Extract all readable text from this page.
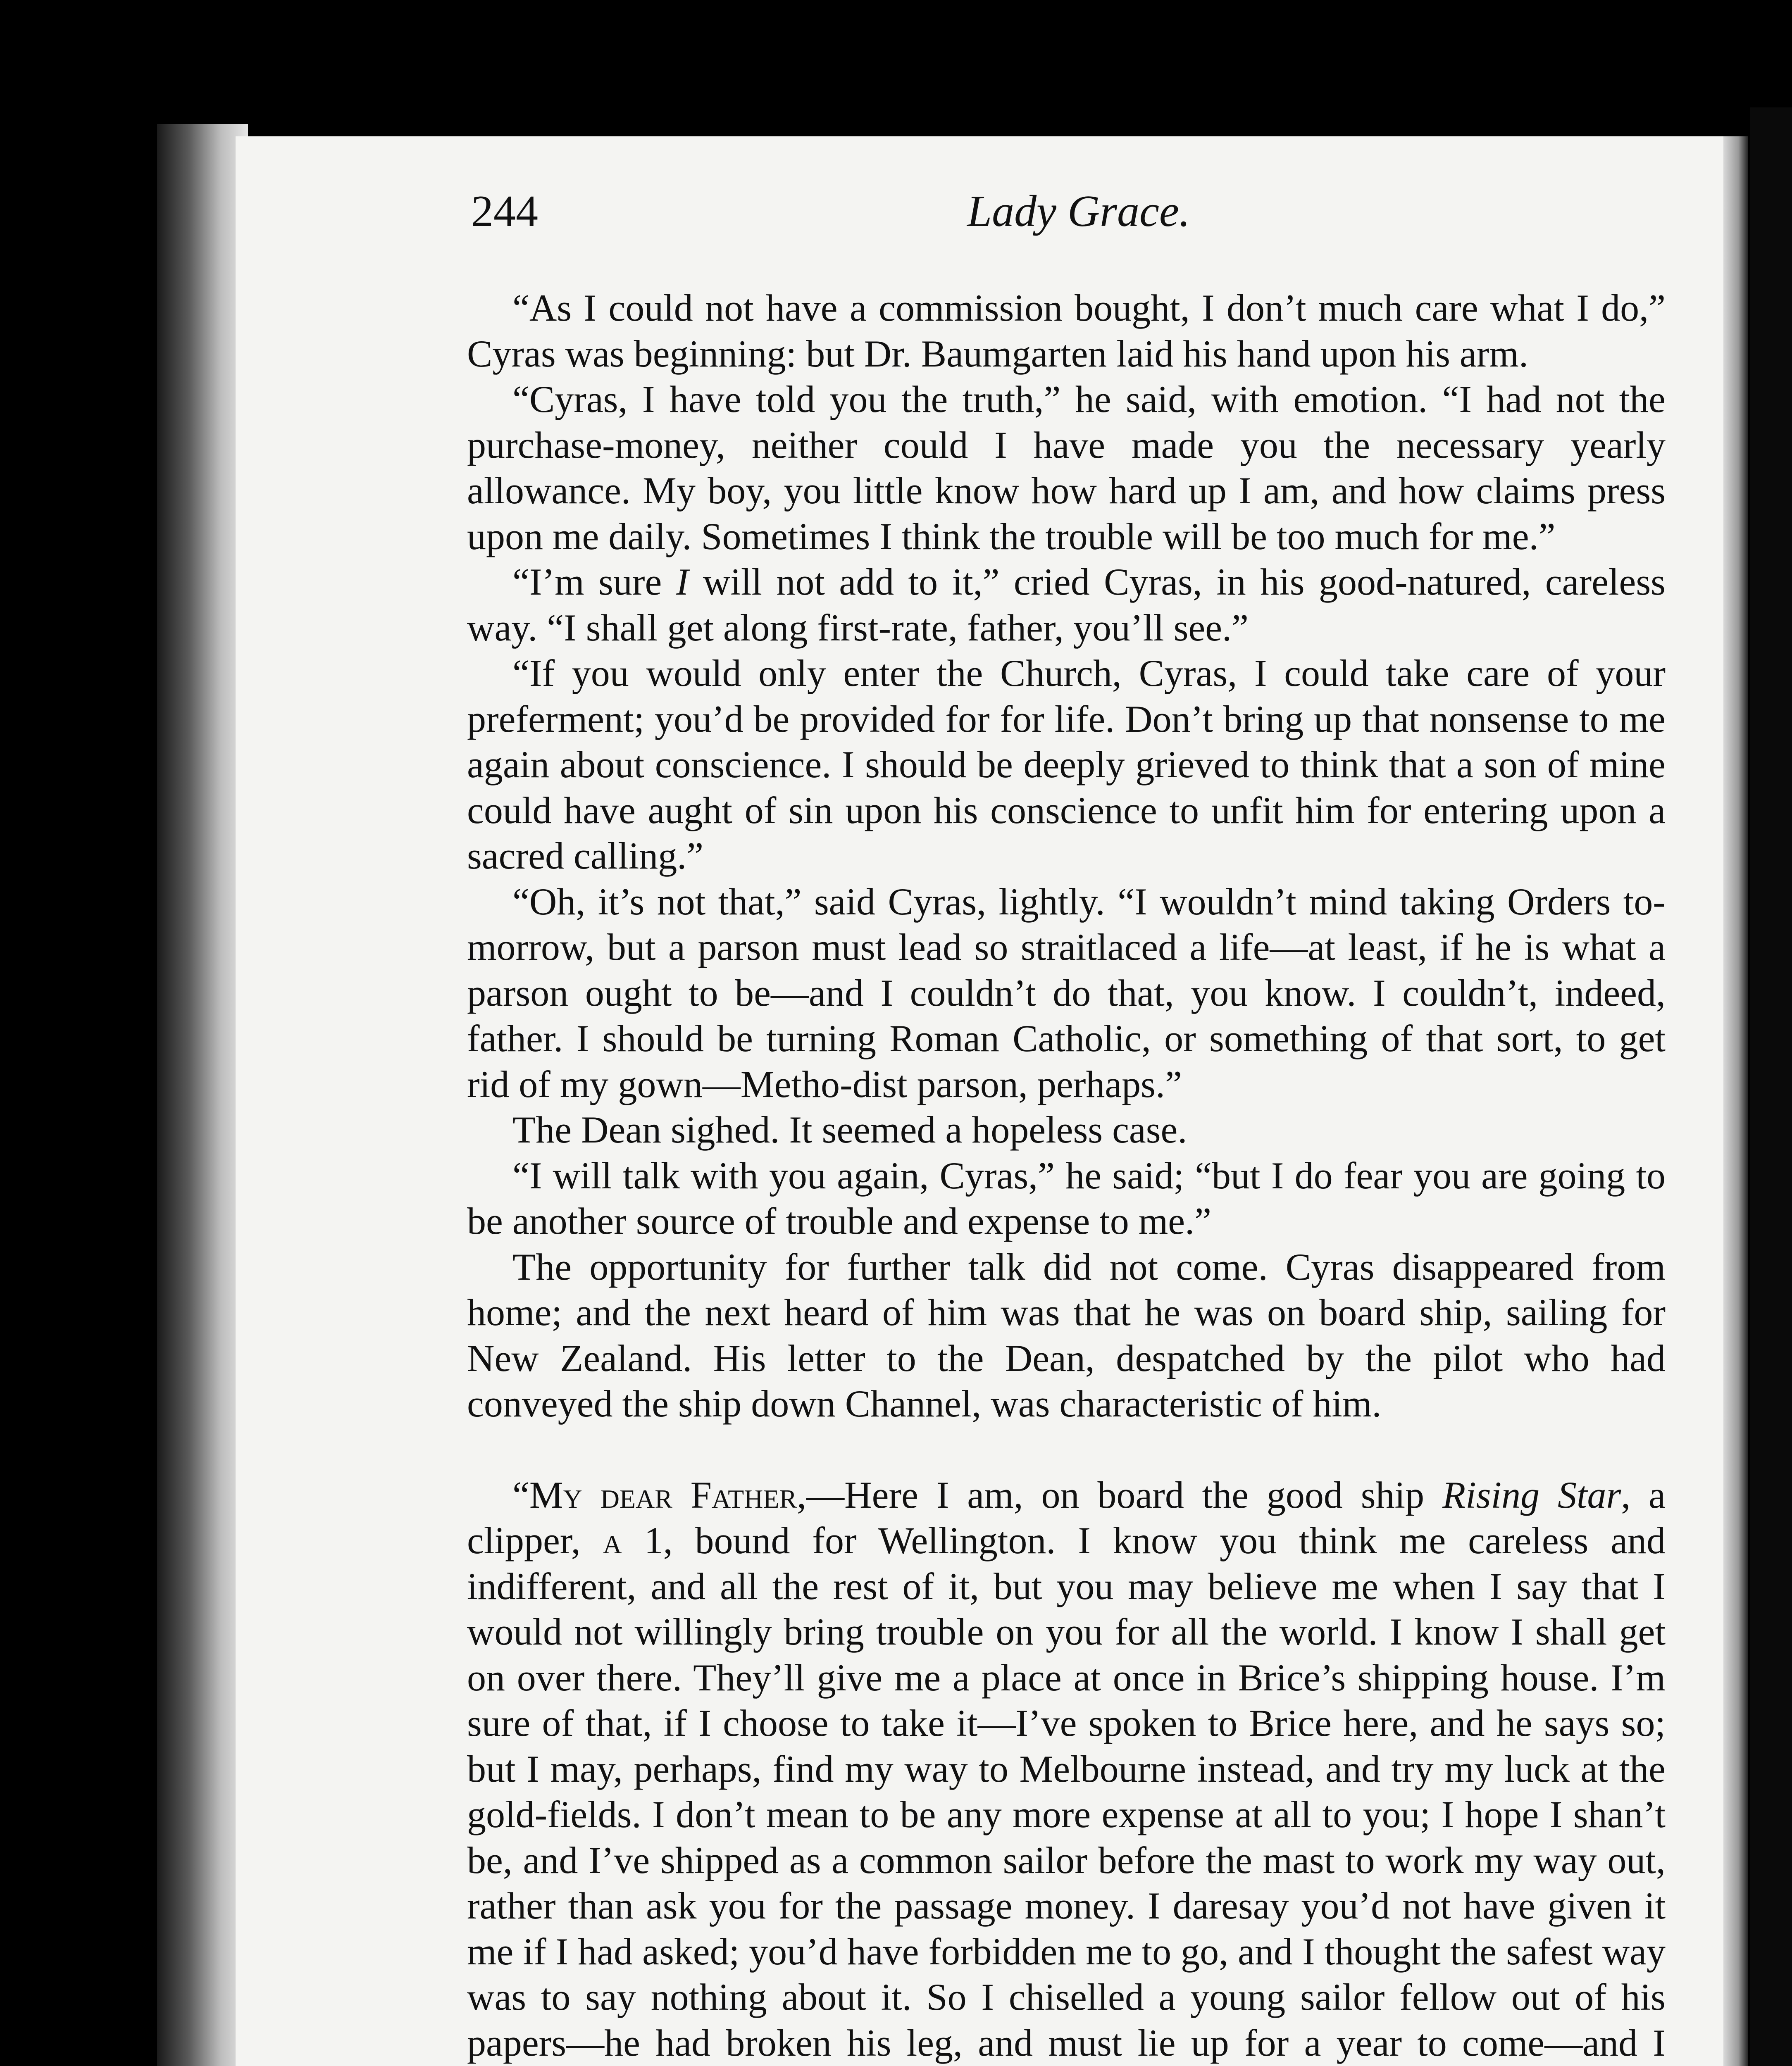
244	Lady Grace.

“As I could not have a commission bought, I don’t much care what I do,” Cyras was beginning: but Dr. Baumgarten laid his hand upon his arm.

“Cyras, I have told you the truth,” he said, with emotion. “I had not the purchase-money, neither could I have made you the necessary yearly allowance. My boy, you little know how hard up I am, and how claims press upon me daily. Sometimes I think the trouble will be too much for me.”

“I’m sure I will not add to it,” cried Cyras, in his good-natured, careless way. “I shall get along first-rate, father, you’ll see.”

“If you would only enter the Church, Cyras, I could take care of your preferment; you’d be provided for for life. Don’t bring up that nonsense to me again about conscience. I should be deeply grieved to think that a son of mine could have aught of sin upon his conscience to unfit him for entering upon a sacred calling.”

“Oh, it’s not that,” said Cyras, lightly. “I wouldn’t mind taking Orders to-morrow, but a parson must lead so straitlaced a life—at least, if he is what a parson ought to be—and I couldn’t do that, you know. I couldn’t, indeed, father. I should be turning Roman Catholic, or something of that sort, to get rid of my gown—Metho-dist parson, perhaps.”

The Dean sighed. It seemed a hopeless case.

“I will talk with you again, Cyras,” he said; “but I do fear you are going to be another source of trouble and expense to me.”

The opportunity for further talk did not come. Cyras disappeared from home; and the next heard of him was that he was on board ship, sailing for New Zealand. His letter to the Dean, despatched by the pilot who had conveyed the ship down Channel, was characteristic of him.

“My dear Father,—Here I am, on board the good ship Rising Star, a clipper, a 1, bound for Wellington. I know you think me careless and indifferent, and all the rest of it, but you may believe me when I say that I would not willingly bring trouble on you for all the world. I know I shall get on over there. They’ll give me a place at once in Brice’s shipping house. I’m sure of that, if I choose to take it—I’ve spoken to Brice here, and he says so; but I may, perhaps, find my way to Melbourne instead, and try my luck at the gold-fields. I don’t mean to be any more expense at all to you; I hope I shan’t be, and I’ve shipped as a common sailor before the mast to work my way out, rather than ask you for the passage money. I daresay you’d not have given it me if I had asked; you’d have forbidden me to go, and I thought the safest way was to say nothing about it. So I chiselled a young sailor fellow out of his papers—he had broken his leg, and must lie up for a year to come—and I
